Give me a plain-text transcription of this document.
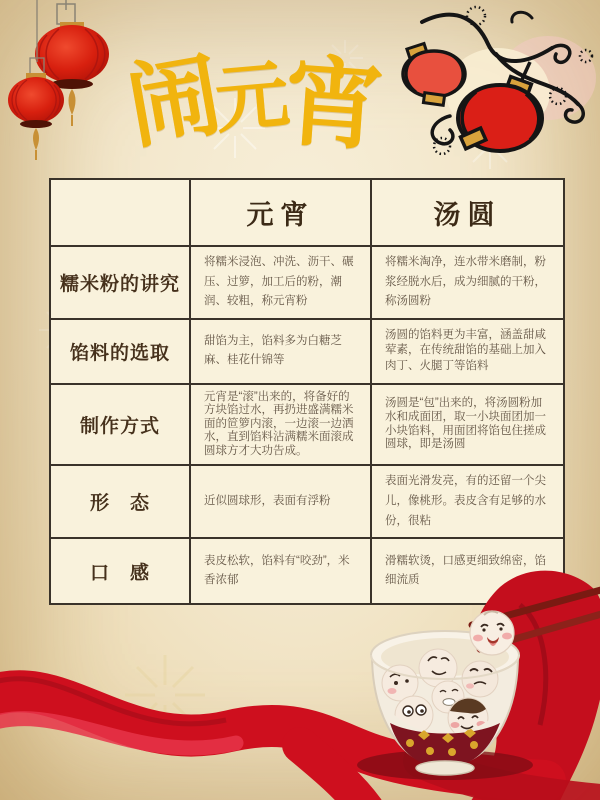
闹
元
宵
	元宵	汤圆
糯米粉的讲究	将糯米浸泡、冲洗、沥干、碾压、过箩，加工后的粉，潮润、较粗，称元宵粉	将糯米淘净，连水带米磨制，粉浆经脱水后，成为细腻的干粉，称汤圆粉
馅料的选取	甜馅为主，馅料多为白糖芝麻、桂花什锦等	汤圆的馅料更为丰富，涵盖甜咸荤素，在传统甜馅的基础上加入肉丁、火腿丁等馅料
制作方式	元宵是“滚”出来的，将备好的方块馅过水，再扔进盛满糯米面的笸箩内滚，一边滚一边洒水，直到馅料沾满糯米面滚成圆球方才大功告成。	汤圆是“包”出来的，将汤圆粉加水和成面团，取一小块面团加一小块馅料，用面团将馅包住搓成圆球，即是汤圆
形　态	近似圆球形，表面有浮粉	表面光滑发亮，有的还留一个尖儿，像桃形。表皮含有足够的水份，很粘
口　感	表皮松软，馅料有“咬劲”，米香浓郁	滑糯软烫，口感更细致绵密，馅细流质
